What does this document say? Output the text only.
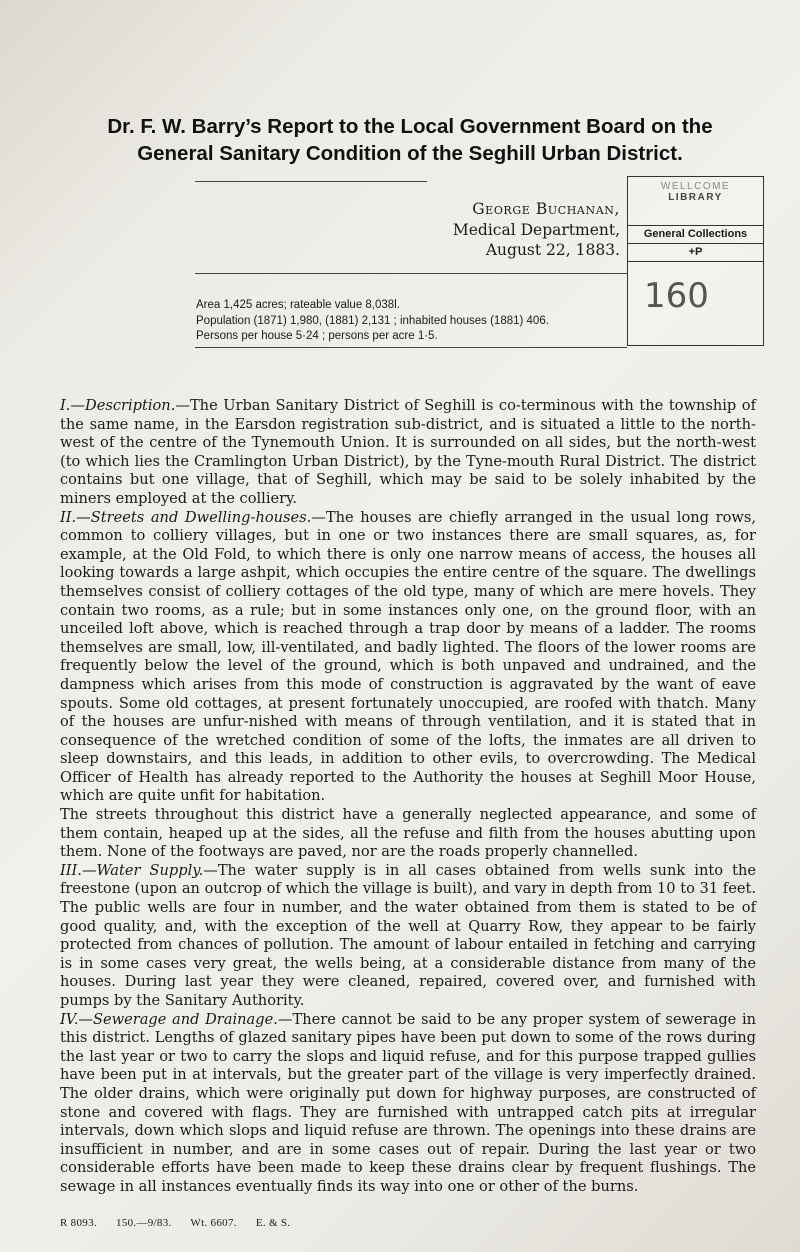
Dr. F. W. Barry’s Report to the Local Government Board on the
General Sanitary Condition of the Seghill Urban District.
George Buchanan,
Medical Department,
August 22, 1883.
Area 1,425 acres; rateable value 8,038l.
Population (1871) 1,980, (1881) 2,131 ; inhabited houses (1881) 406.
Persons per house 5·24 ; persons per acre 1·5.
WELLCOME
LIBRARY
General Collections
+P
160

I.—Description.—The Urban Sanitary District of Seghill is co-terminous with the township of the same name, in the Earsdon registration sub-district, and is situated a little to the north-west of the centre of the Tynemouth Union. It is surrounded on all sides, but the north-west (to which lies the Cramlington Urban District), by the Tyne-mouth Rural District. The district contains but one village, that of Seghill, which may be said to be solely inhabited by the miners employed at the colliery.

II.—Streets and Dwelling-houses.—The houses are chiefly arranged in the usual long rows, common to colliery villages, but in one or two instances there are small squares, as, for example, at the Old Fold, to which there is only one narrow means of access, the houses all looking towards a large ashpit, which occupies the entire centre of the square. The dwellings themselves consist of colliery cottages of the old type, many of which are mere hovels. They contain two rooms, as a rule; but in some instances only one, on the ground floor, with an unceiled loft above, which is reached through a trap door by means of a ladder. The rooms themselves are small, low, ill-ventilated, and badly lighted. The floors of the lower rooms are frequently below the level of the ground, which is both unpaved and undrained, and the dampness which arises from this mode of construction is aggravated by the want of eave spouts. Some old cottages, at present fortunately unoccupied, are roofed with thatch. Many of the houses are unfur-nished with means of through ventilation, and it is stated that in consequence of the wretched condition of some of the lofts, the inmates are all driven to sleep downstairs, and this leads, in addition to other evils, to overcrowding. The Medical Officer of Health has already reported to the Authority the houses at Seghill Moor House, which are quite unfit for habitation.

The streets throughout this district have a generally neglected appearance, and some of them contain, heaped up at the sides, all the refuse and filth from the houses abutting upon them. None of the footways are paved, nor are the roads properly channelled.

III.—Water Supply.—The water supply is in all cases obtained from wells sunk into the freestone (upon an outcrop of which the village is built), and vary in depth from 10 to 31 feet. The public wells are four in number, and the water obtained from them is stated to be of good quality, and, with the exception of the well at Quarry Row, they appear to be fairly protected from chances of pollution. The amount of labour entailed in fetching and carrying is in some cases very great, the wells being, at a considerable distance from many of the houses. During last year they were cleaned, repaired, covered over, and furnished with pumps by the Sanitary Authority.

IV.—Sewerage and Drainage.—There cannot be said to be any proper system of sewerage in this district. Lengths of glazed sanitary pipes have been put down to some of the rows during the last year or two to carry the slops and liquid refuse, and for this purpose trapped gullies have been put in at intervals, but the greater part of the village is very imperfectly drained. The older drains, which were originally put down for highway purposes, are constructed of stone and covered with flags. They are furnished with untrapped catch pits at irregular intervals, down which slops and liquid refuse are thrown. The openings into these drains are insufficient in number, and are in some cases out of repair. During the last year or two considerable efforts have been made to keep these drains clear by frequent flushings. The sewage in all instances eventually finds its way into one or other of the burns.

R 8093. 150.—9/83. Wt. 6607. E. & S.
